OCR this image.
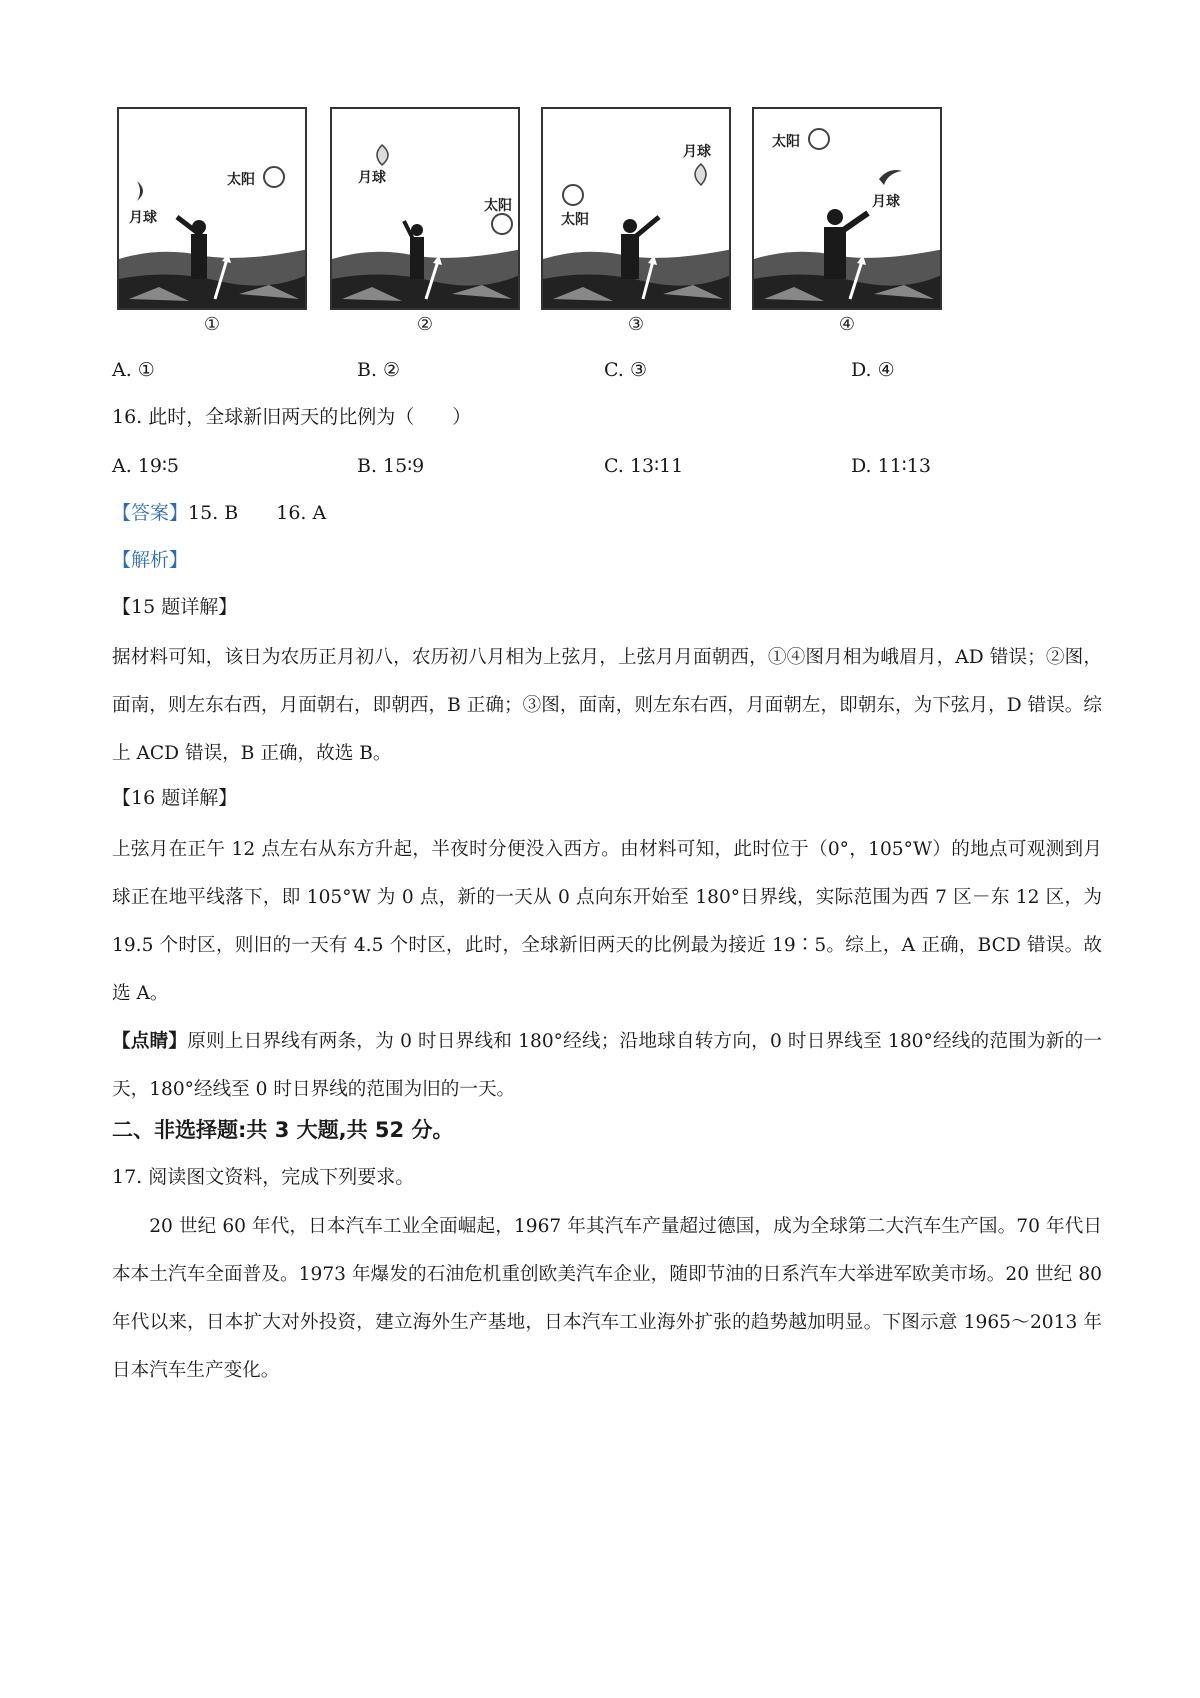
太阳
月球
南
月球
太阳
南
月球
太阳
南
太阳
月球
南
①	②	③	④
A. ①	B. ②	C. ③	D. ④
16. 此时，全球新旧两天的比例为（　　）
A. 19∶5	B. 15∶9	C. 13∶11	D. 11∶13
【答案】15. B　　16. A
【解析】
【15 题详解】
据材料可知，该日为农历正月初八，农历初八月相为上弦月，上弦月月面朝西，①④图月相为峨眉月，AD 错误；②图，面南，则左东右西，月面朝右，即朝西，B 正确；③图，面南，则左东右西，月面朝左，即朝东，为下弦月，D 错误。综上 ACD 错误，B 正确，故选 B。
【16 题详解】
上弦月在正午 12 点左右从东方升起，半夜时分便没入西方。由材料可知，此时位于（0°，105°W）的地点可观测到月球正在地平线落下，即 105°W 为 0 点，新的一天从 0 点向东开始至 180°日界线，实际范围为西 7 区－东 12 区，为 19.5 个时区，则旧的一天有 4.5 个时区，此时，全球新旧两天的比例最为接近 19∶5。综上，A 正确，BCD 错误。故选 A。
【点睛】原则上日界线有两条，为 0 时日界线和 180°经线；沿地球自转方向，0 时日界线至 180°经线的范围为新的一天，180°经线至 0 时日界线的范围为旧的一天。
二、非选择题:共 3 大题,共 52 分。
17. 阅读图文资料，完成下列要求。
20 世纪 60 年代，日本汽车工业全面崛起，1967 年其汽车产量超过德国，成为全球第二大汽车生产国。70 年代日本本土汽车全面普及。1973 年爆发的石油危机重创欧美汽车企业，随即节油的日系汽车大举进军欧美市场。20 世纪 80 年代以来，日本扩大对外投资，建立海外生产基地，日本汽车工业海外扩张的趋势越加明显。下图示意 1965～2013 年日本汽车生产变化。
